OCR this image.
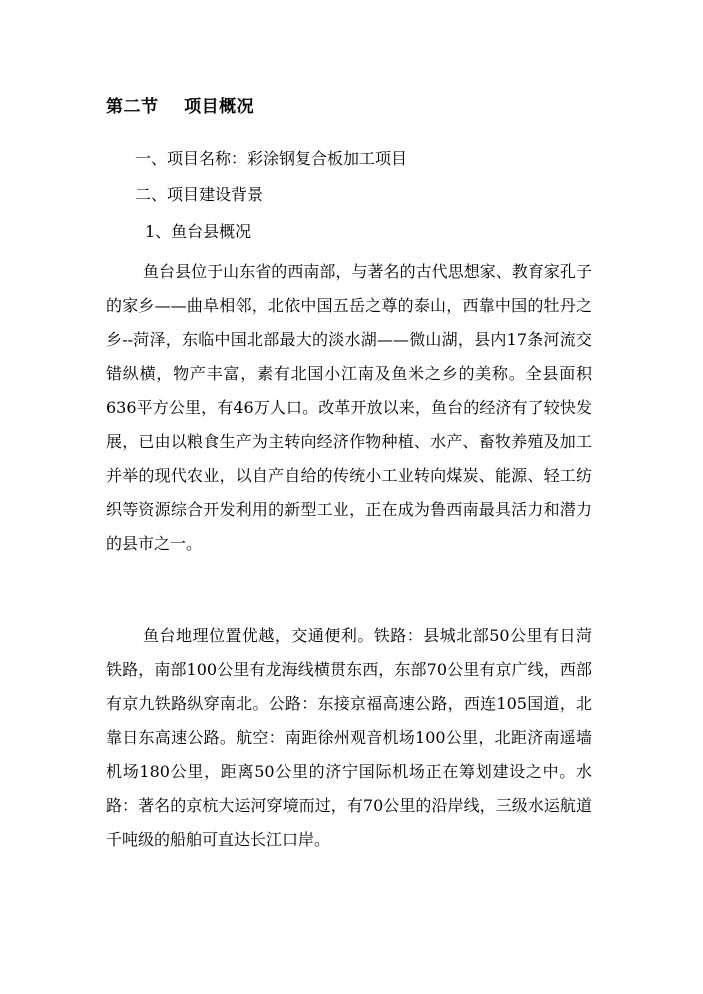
第二节    项目概况
一、项目名称：彩涂钢复合板加工项目
二、项目建设背景
1、鱼台县概况

鱼台县位于山东省的西南部，与著名的古代思想家、教育家孔子的家乡——曲阜相邻，北依中国五岳之尊的泰山，西靠中国的牡丹之乡--菏泽，东临中国北部最大的淡水湖——微山湖，县内17条河流交错纵横，物产丰富，素有北国小江南及鱼米之乡的美称。全县面积636平方公里，有46万人口。改革开放以来，鱼台的经济有了较快发展，已由以粮食生产为主转向经济作物种植、水产、畜牧养殖及加工并举的现代农业，以自产自给的传统小工业转向煤炭、能源、轻工纺织等资源综合开发利用的新型工业，正在成为鲁西南最具活力和潜力的县市之一。

鱼台地理位置优越，交通便利。铁路：县城北部50公里有日菏铁路，南部100公里有龙海线横贯东西，东部70公里有京广线，西部有京九铁路纵穿南北。公路：东接京福高速公路，西连105国道，北靠日东高速公路。航空：南距徐州观音机场100公里，北距济南遥墙机场180公里，距离50公里的济宁国际机场正在筹划建设之中。水路：著名的京杭大运河穿境而过，有70公里的沿岸线，三级水运航道千吨级的船舶可直达长江口岸。
